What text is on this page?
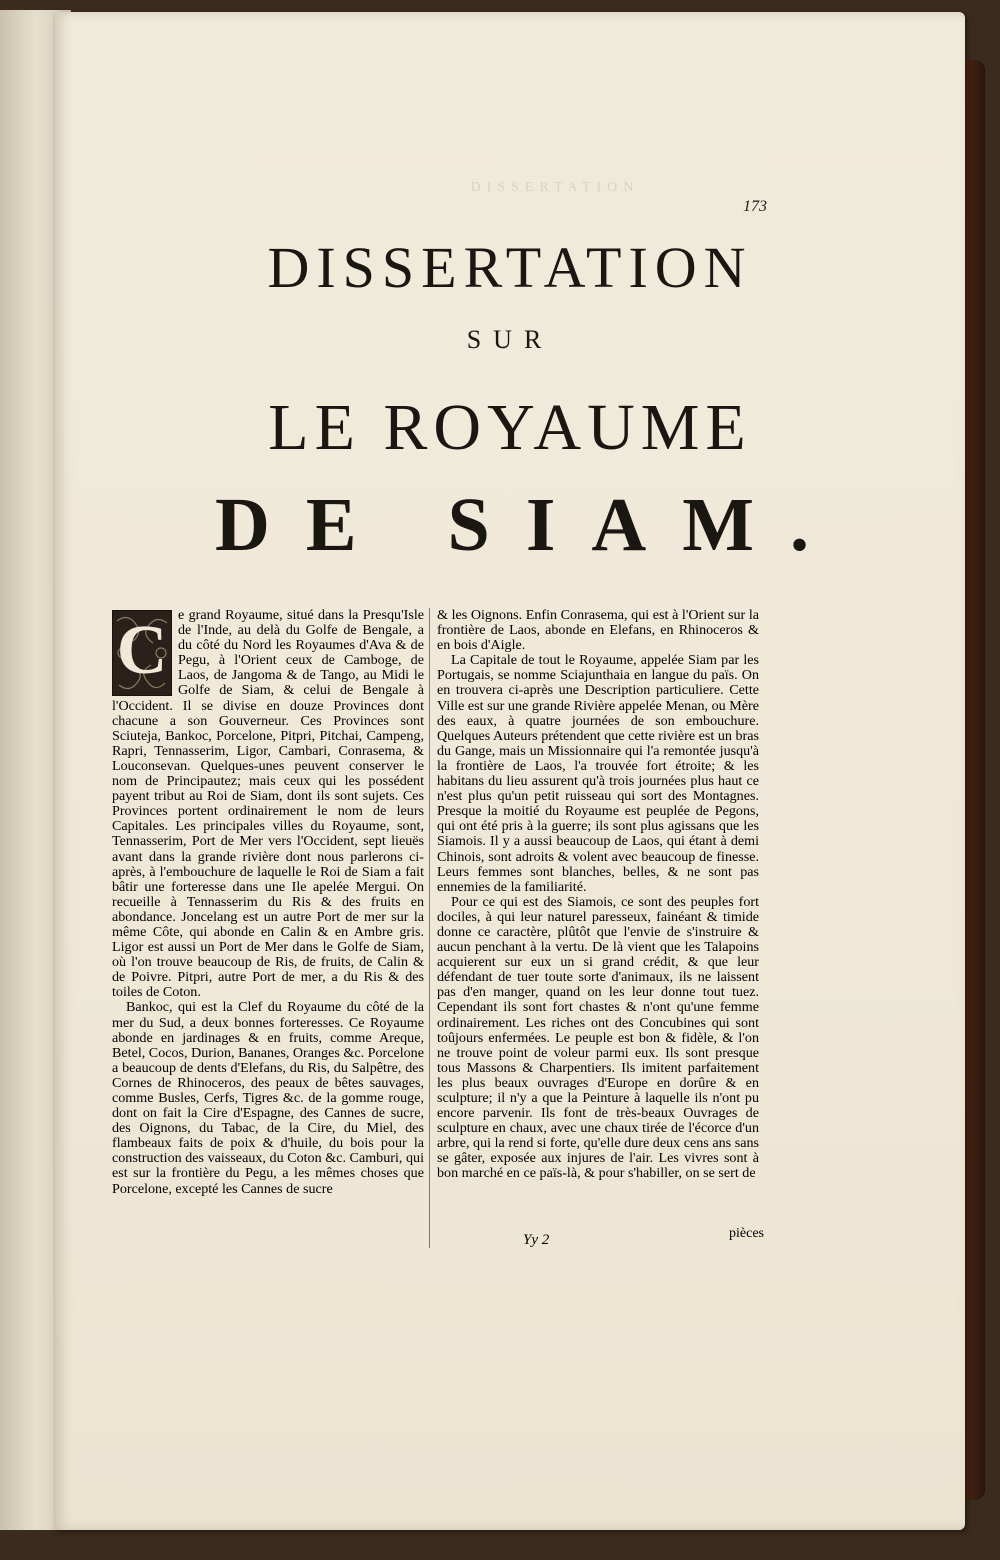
DISSERTATION
173
DISSERTATION
SUR
LE ROYAUME
DE SIAM.
C e grand Royaume, situé dans la Presqu'Isle de l'Inde, au delà du Golfe de Bengale, a du côté du Nord les Royaumes d'Ava & de Pegu, à l'Orient ceux de Camboge, de Laos, de Jangoma & de Tango, au Midi le Golfe de Siam, & celui de Bengale à l'Occident. Il se divise en douze Provinces dont chacune a son Gouverneur. Ces Provinces sont Sciuteja, Bankoc, Porcelone, Pitpri, Pitchai, Campeng, Rapri, Tennasserim, Ligor, Cambari, Conrasema, & Louconsevan. Quelques-unes peuvent conserver le nom de Principautez; mais ceux qui les possédent payent tribut au Roi de Siam, dont ils sont sujets. Ces Provinces portent ordinairement le nom de leurs Capitales. Les principales villes du Royaume, sont, Tennasserim, Port de Mer vers l'Occident, sept lieuës avant dans la grande rivière dont nous parlerons ci-après, à l'embouchure de laquelle le Roi de Siam a fait bâtir une forteresse dans une Ile apelée Mergui. On recueille à Tennasserim du Ris & des fruits en abondance. Joncelang est un autre Port de mer sur la même Côte, qui abonde en Calin & en Ambre gris. Ligor est aussi un Port de Mer dans le Golfe de Siam, où l'on trouve beaucoup de Ris, de fruits, de Calin & de Poivre. Pitpri, autre Port de mer, a du Ris & des toiles de Coton.

Bankoc, qui est la Clef du Royaume du côté de la mer du Sud, a deux bonnes forteresses. Ce Royaume abonde en jardinages & en fruits, comme Areque, Betel, Cocos, Durion, Bananes, Oranges &c. Porcelone a beaucoup de dents d'Elefans, du Ris, du Salpêtre, des Cornes de Rhinoceros, des peaux de bêtes sauvages, comme Busles, Cerfs, Tigres &c. de la gomme rouge, dont on fait la Cire d'Espagne, des Cannes de sucre, des Oignons, du Tabac, de la Cire, du Miel, des flambeaux faits de poix & d'huile, du bois pour la construction des vaisseaux, du Coton &c. Camburi, qui est sur la frontière du Pegu, a les mêmes choses que Porcelone, excepté les Cannes de sucre

& les Oignons. Enfin Conrasema, qui est à l'Orient sur la frontière de Laos, abonde en Elefans, en Rhinoceros & en bois d'Aigle.

La Capitale de tout le Royaume, appelée Siam par les Portugais, se nomme Sciajunthaia en langue du païs. On en trouvera ci-après une Description particuliere. Cette Ville est sur une grande Rivière appelée Menan, ou Mère des eaux, à quatre journées de son embouchure. Quelques Auteurs prétendent que cette rivière est un bras du Gange, mais un Missionnaire qui l'a remontée jusqu'à la frontière de Laos, l'a trouvée fort étroite; & les habitans du lieu assurent qu'à trois journées plus haut ce n'est plus qu'un petit ruisseau qui sort des Montagnes. Presque la moitié du Royaume est peuplée de Pegons, qui ont été pris à la guerre; ils sont plus agissans que les Siamois. Il y a aussi beaucoup de Laos, qui étant à demi Chinois, sont adroits & volent avec beaucoup de finesse. Leurs femmes sont blanches, belles, & ne sont pas ennemies de la familiarité.

Pour ce qui est des Siamois, ce sont des peuples fort dociles, à qui leur naturel paresseux, fainéant & timide donne ce caractère, plûtôt que l'envie de s'instruire & aucun penchant à la vertu. De là vient que les Talapoins acquierent sur eux un si grand crédit, & que leur défendant de tuer toute sorte d'animaux, ils ne laissent pas d'en manger, quand on les leur donne tout tuez. Cependant ils sont fort chastes & n'ont qu'une femme ordinairement. Les riches ont des Concubines qui sont toûjours enfermées. Le peuple est bon & fidèle, & l'on ne trouve point de voleur parmi eux. Ils sont presque tous Massons & Charpentiers. Ils imitent parfaitement les plus beaux ouvrages d'Europe en dorûre & en sculpture; il n'y a que la Peinture à laquelle ils n'ont pu encore parvenir. Ils font de très-beaux Ouvrages de sculpture en chaux, avec une chaux tirée de l'écorce d'un arbre, qui la rend si forte, qu'elle dure deux cens ans sans se gâter, exposée aux injures de l'air. Les vivres sont à bon marché en ce païs-là, & pour s'habiller, on se sert de

Yy 2	pièces
